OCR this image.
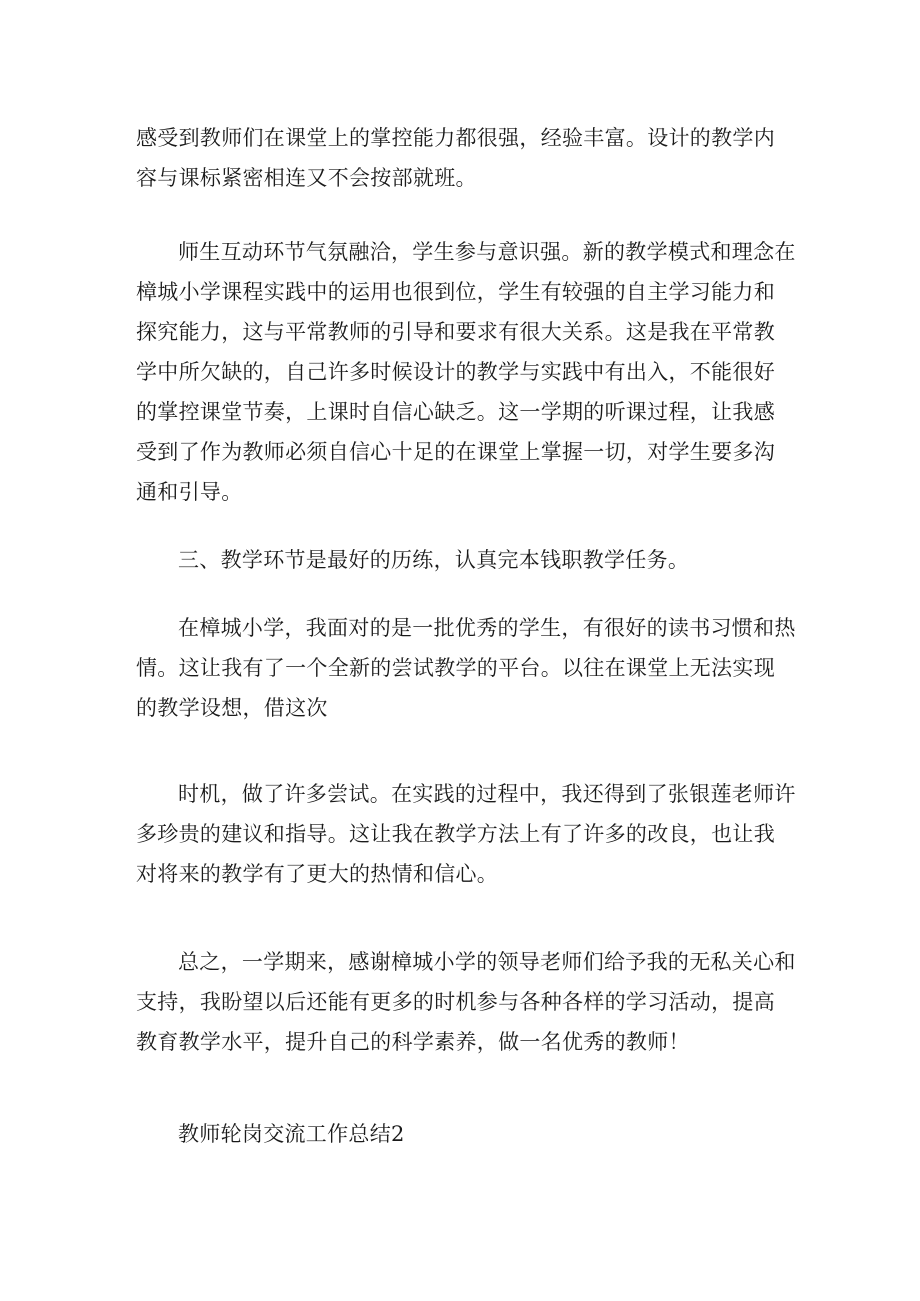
感受到教师们在课堂上的掌控能力都很强，经验丰富。设计的教学内容与课标紧密相连又不会按部就班。

师生互动环节气氛融洽，学生参与意识强。新的教学模式和理念在樟城小学课程实践中的运用也很到位，学生有较强的自主学习能力和探究能力，这与平常教师的引导和要求有很大关系。这是我在平常教学中所欠缺的，自己许多时候设计的教学与实践中有出入，不能很好的掌控课堂节奏，上课时自信心缺乏。这一学期的听课过程，让我感受到了作为教师必须自信心十足的在课堂上掌握一切，对学生要多沟通和引导。

三、教学环节是最好的历练，认真完本钱职教学任务。

在樟城小学，我面对的是一批优秀的学生，有很好的读书习惯和热情。这让我有了一个全新的尝试教学的平台。以往在课堂上无法实现的教学设想，借这次

时机，做了许多尝试。在实践的过程中，我还得到了张银莲老师许多珍贵的建议和指导。这让我在教学方法上有了许多的改良，也让我对将来的教学有了更大的热情和信心。

总之，一学期来，感谢樟城小学的领导老师们给予我的无私关心和支持，我盼望以后还能有更多的时机参与各种各样的学习活动，提高教育教学水平，提升自己的科学素养，做一名优秀的教师！

教师轮岗交流工作总结2
